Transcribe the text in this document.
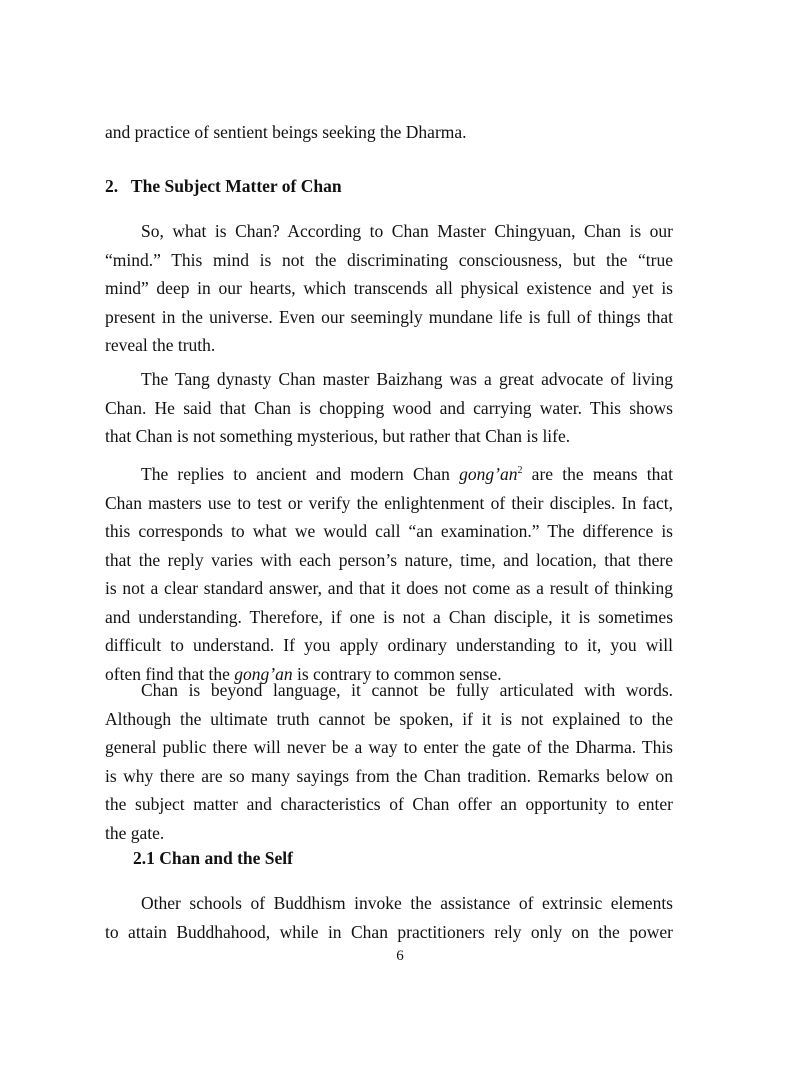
and practice of sentient beings seeking the Dharma.

2.   The Subject Matter of Chan

So, what is Chan? According to Chan Master Chingyuan, Chan is our
“mind.” This mind is not the discriminating consciousness, but the “true
mind” deep in our hearts, which transcends all physical existence and yet is
present in the universe. Even our seemingly mundane life is full of things that
reveal the truth.

The Tang dynasty Chan master Baizhang was a great advocate of living
Chan. He said that Chan is chopping wood and carrying water. This shows
that Chan is not something mysterious, but rather that Chan is life.

The replies to ancient and modern Chan $gong’an^2$ are the means that
Chan masters use to test or verify the enlightenment of their disciples. In fact,
this corresponds to what we would call “an examination.” The difference is
that the reply varies with each person’s nature, time, and location, that there
is not a clear standard answer, and that it does not come as a result of thinking
and understanding. Therefore, if one is not a Chan disciple, it is sometimes
difficult to understand. If you apply ordinary understanding to it, you will
often find that the gong’an is contrary to common sense.

Chan is beyond language, it cannot be fully articulated with words.
Although the ultimate truth cannot be spoken, if it is not explained to the
general public there will never be a way to enter the gate of the Dharma. This
is why there are so many sayings from the Chan tradition. Remarks below on
the subject matter and characteristics of Chan offer an opportunity to enter
the gate.

2.1 Chan and the Self

Other schools of Buddhism invoke the assistance of extrinsic elements
to attain Buddhahood, while in Chan practitioners rely only on the power

6
